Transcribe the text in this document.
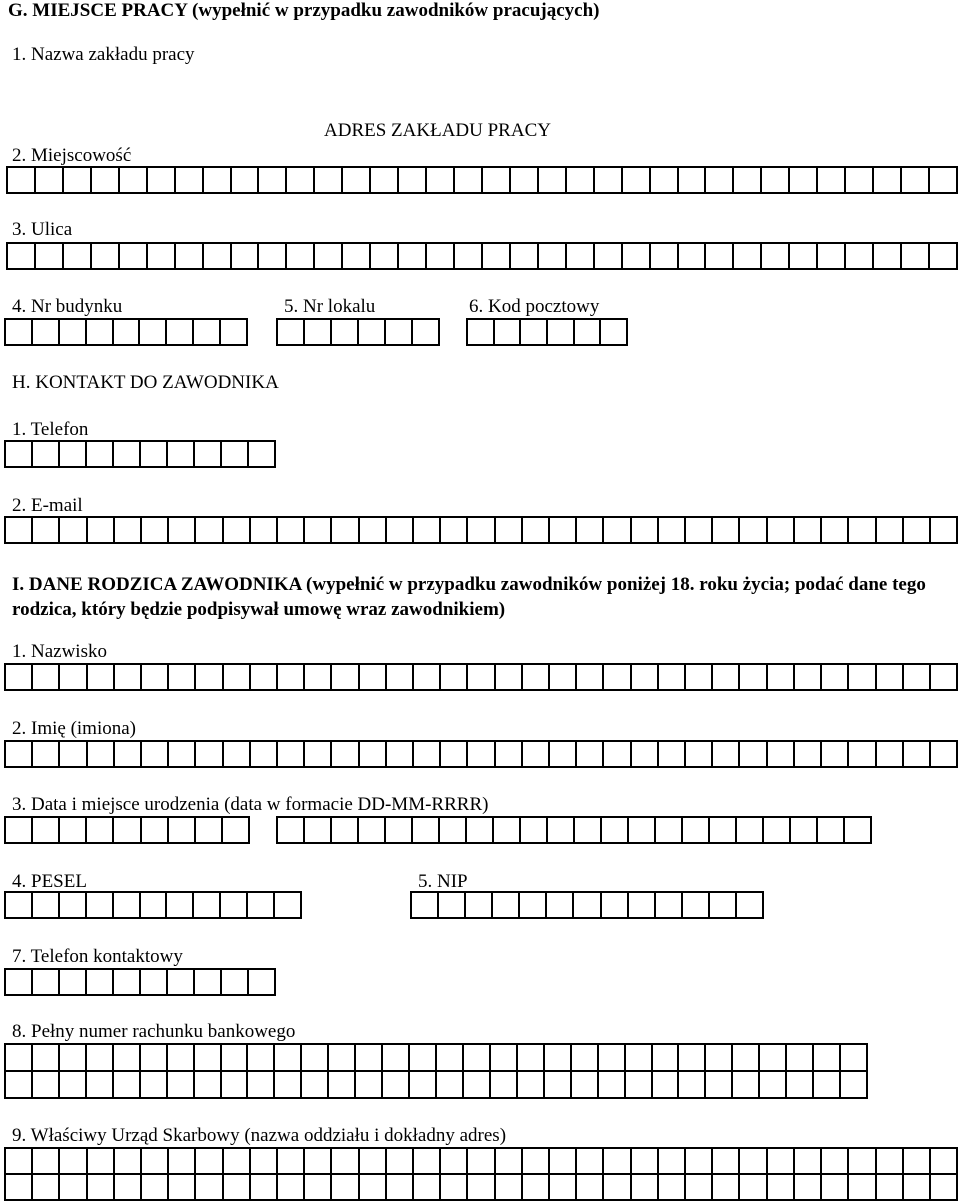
G. MIEJSCE PRACY (wypełnić w przypadku zawodników pracujących)
1. Nazwa zakładu pracy
ADRES ZAKŁADU PRACY
2. Miejscowość
3. Ulica
4. Nr budynku	5. Nr lokalu	6. Kod pocztowy
H. KONTAKT DO ZAWODNIKA
1. Telefon
2. E-mail
I. DANE RODZICA ZAWODNIKA (wypełnić w przypadku zawodników poniżej 18. roku życia; podać dane tego rodzica, który będzie podpisywał umowę wraz zawodnikiem)
1. Nazwisko
2. Imię (imiona)
3. Data i miejsce urodzenia (data w formacie DD-MM-RRRR)
4. PESEL	5. NIP
7. Telefon kontaktowy
8. Pełny numer rachunku bankowego
9. Właściwy Urząd Skarbowy (nazwa oddziału i dokładny adres)
